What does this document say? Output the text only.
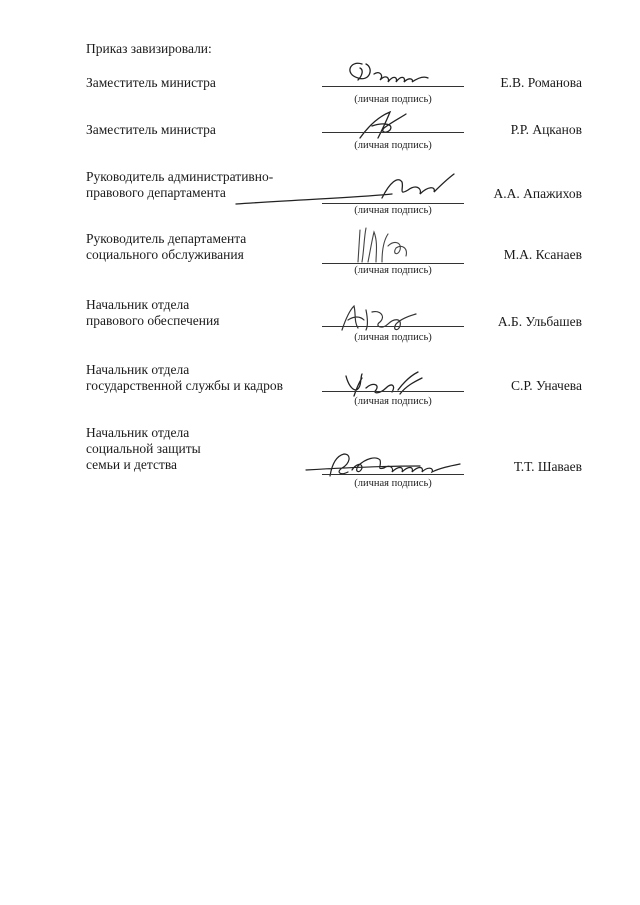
Приказ завизировали:
Заместитель министра
(личная подпись)
Е.В. Романова
Заместитель министра
(личная подпись)
Р.Р. Ацканов
Руководитель административно-
правового департамента
(личная подпись)
А.А. Апажихов
Руководитель департамента
социального обслуживания
(личная подпись)
М.А. Ксанаев
Начальник отдела
правового обеспечения
(личная подпись)
А.Б. Ульбашев
Начальник отдела
государственной службы и кадров
(личная подпись)
С.Р. Уначева
Начальник отдела
социальной защиты
семьи и детства
(личная подпись)
Т.Т. Шаваев
